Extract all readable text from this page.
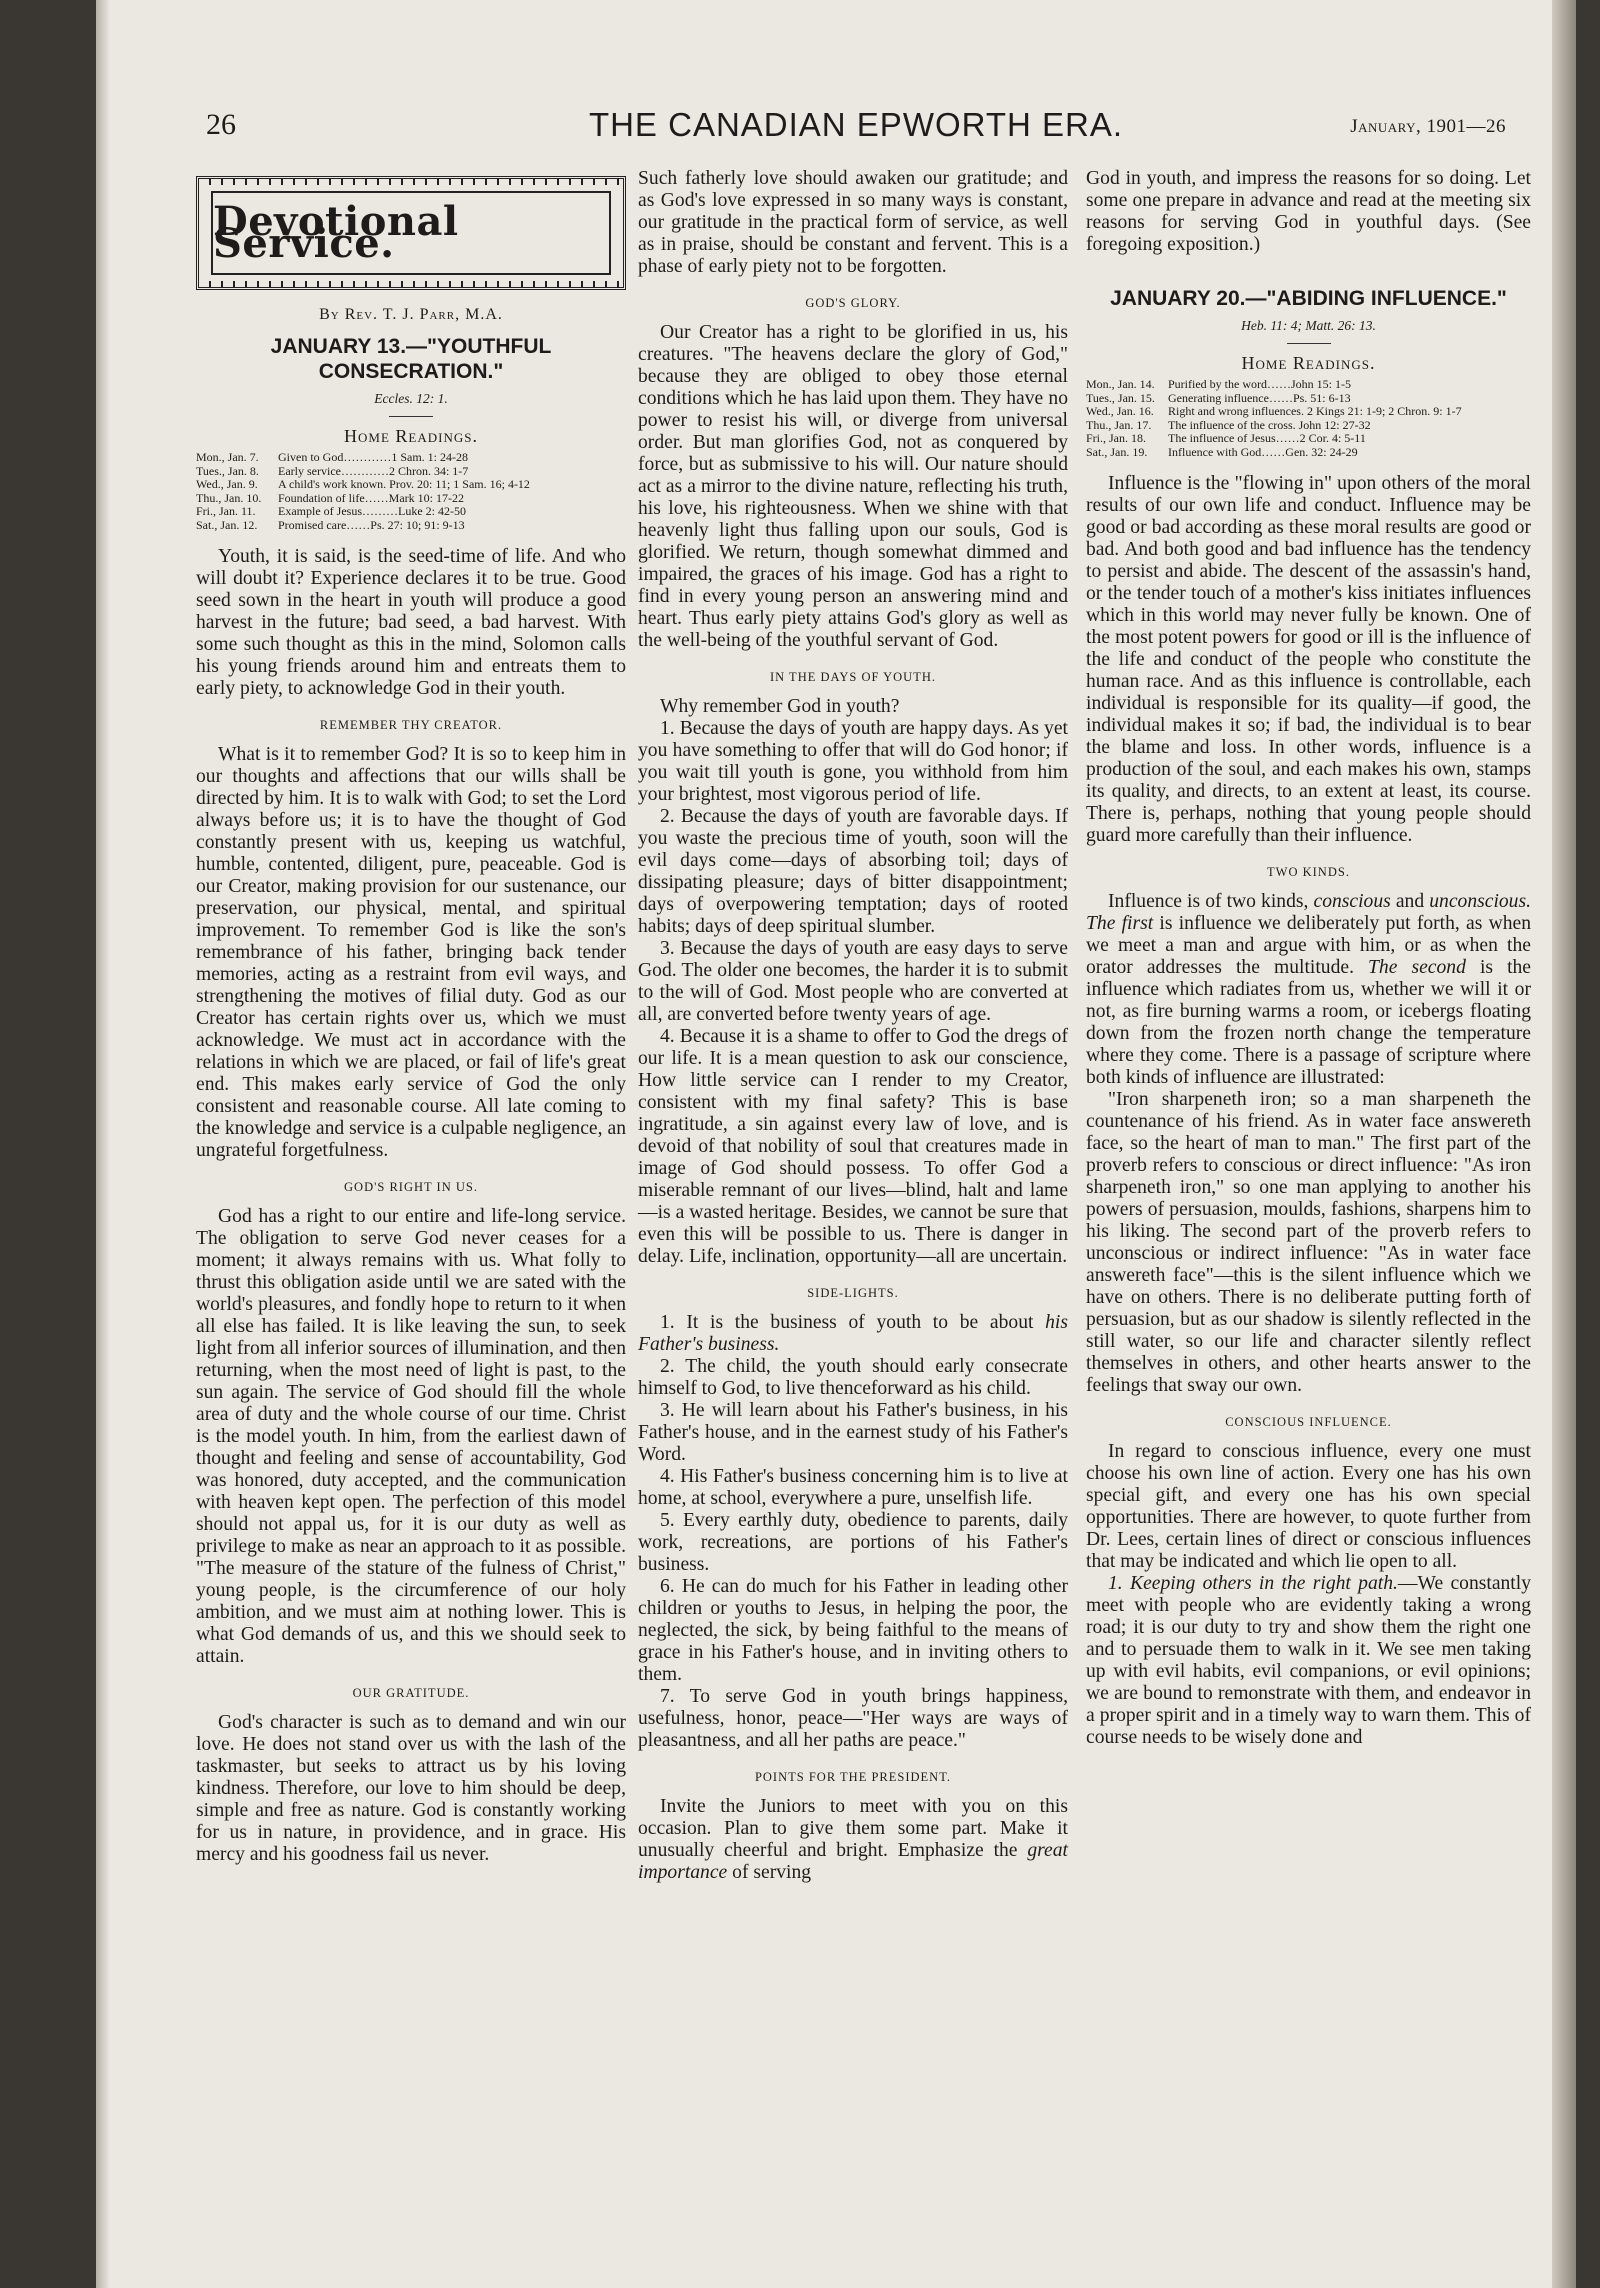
26	THE CANADIAN EPWORTH ERA.	January, 1901—26
Devotional Service.
By Rev. T. J. Parr, M.A.
JANUARY 13.—"YOUTHFUL CONSECRATION."
Eccles. 12: 1.
Home Readings.
Mon., Jan. 7.	Given to God…………1 Sam. 1: 24-28
Tues., Jan. 8.	Early service…………2 Chron. 34: 1-7
Wed., Jan. 9.	A child's work known. Prov. 20: 11; 1 Sam. 16; 4-12
Thu., Jan. 10.	Foundation of life……Mark 10: 17-22
Fri., Jan. 11.	Example of Jesus………Luke 2: 42-50
Sat., Jan. 12.	Promised care……Ps. 27: 10; 91: 9-13

Youth, it is said, is the seed-time of life. And who will doubt it? Experience declares it to be true. Good seed sown in the heart in youth will produce a good harvest in the future; bad seed, a bad harvest. With some such thought as this in the mind, Solomon calls his young friends around him and entreats them to early piety, to acknowledge God in their youth.

REMEMBER THY CREATOR.

What is it to remember God? It is so to keep him in our thoughts and affections that our wills shall be directed by him. It is to walk with God; to set the Lord always before us; it is to have the thought of God constantly present with us, keeping us watchful, humble, contented, diligent, pure, peaceable. God is our Creator, making provision for our sustenance, our preservation, our physical, mental, and spiritual improvement. To remember God is like the son's remembrance of his father, bringing back tender memories, acting as a restraint from evil ways, and strengthening the motives of filial duty. God as our Creator has certain rights over us, which we must acknowledge. We must act in accordance with the relations in which we are placed, or fail of life's great end. This makes early service of God the only consistent and reasonable course. All late coming to the knowledge and service is a culpable negligence, an ungrateful forgetfulness.

GOD'S RIGHT IN US.

God has a right to our entire and life-long service. The obligation to serve God never ceases for a moment; it always remains with us. What folly to thrust this obligation aside until we are sated with the world's pleasures, and fondly hope to return to it when all else has failed. It is like leaving the sun, to seek light from all inferior sources of illumination, and then returning, when the most need of light is past, to the sun again. The service of God should fill the whole area of duty and the whole course of our time. Christ is the model youth. In him, from the earliest dawn of thought and feeling and sense of accountability, God was honored, duty accepted, and the communication with heaven kept open. The perfection of this model should not appal us, for it is our duty as well as privilege to make as near an approach to it as possible. "The measure of the stature of the fulness of Christ," young people, is the circumference of our holy ambition, and we must aim at nothing lower. This is what God demands of us, and this we should seek to attain.

OUR GRATITUDE.

God's character is such as to demand and win our love. He does not stand over us with the lash of the taskmaster, but seeks to attract us by his loving kindness. Therefore, our love to him should be deep, simple and free as nature. God is constantly working for us in nature, in providence, and in grace. His mercy and his goodness fail us never.

Such fatherly love should awaken our gratitude; and as God's love expressed in so many ways is constant, our gratitude in the practical form of service, as well as in praise, should be constant and fervent. This is a phase of early piety not to be forgotten.

GOD'S GLORY.

Our Creator has a right to be glorified in us, his creatures. "The heavens declare the glory of God," because they are obliged to obey those eternal conditions which he has laid upon them. They have no power to resist his will, or diverge from universal order. But man glorifies God, not as conquered by force, but as submissive to his will. Our nature should act as a mirror to the divine nature, reflecting his truth, his love, his righteousness. When we shine with that heavenly light thus falling upon our souls, God is glorified. We return, though somewhat dimmed and impaired, the graces of his image. God has a right to find in every young person an answering mind and heart. Thus early piety attains God's glory as well as the well-being of the youthful servant of God.

IN THE DAYS OF YOUTH.

Why remember God in youth?

1. Because the days of youth are happy days. As yet you have something to offer that will do God honor; if you wait till youth is gone, you withhold from him your brightest, most vigorous period of life.

2. Because the days of youth are favorable days. If you waste the precious time of youth, soon will the evil days come—days of absorbing toil; days of dissipating pleasure; days of bitter disappointment; days of overpowering temptation; days of rooted habits; days of deep spiritual slumber.

3. Because the days of youth are easy days to serve God. The older one becomes, the harder it is to submit to the will of God. Most people who are converted at all, are converted before twenty years of age.

4. Because it is a shame to offer to God the dregs of our life. It is a mean question to ask our conscience, How little service can I render to my Creator, consistent with my final safety? This is base ingratitude, a sin against every law of love, and is devoid of that nobility of soul that creatures made in image of God should possess. To offer God a miserable remnant of our lives—blind, halt and lame—is a wasted heritage. Besides, we cannot be sure that even this will be possible to us. There is danger in delay. Life, inclination, opportunity—all are uncertain.

SIDE-LIGHTS.

1. It is the business of youth to be about his Father's business.

2. The child, the youth should early consecrate himself to God, to live thenceforward as his child.

3. He will learn about his Father's business, in his Father's house, and in the earnest study of his Father's Word.

4. His Father's business concerning him is to live at home, at school, everywhere a pure, unselfish life.

5. Every earthly duty, obedience to parents, daily work, recreations, are portions of his Father's business.

6. He can do much for his Father in leading other children or youths to Jesus, in helping the poor, the neglected, the sick, by being faithful to the means of grace in his Father's house, and in inviting others to them.

7. To serve God in youth brings happiness, usefulness, honor, peace—"Her ways are ways of pleasantness, and all her paths are peace."

POINTS FOR THE PRESIDENT.

Invite the Juniors to meet with you on this occasion. Plan to give them some part. Make it unusually cheerful and bright. Emphasize the great importance of serving

God in youth, and impress the reasons for so doing. Let some one prepare in advance and read at the meeting six reasons for serving God in youthful days. (See foregoing exposition.)

JANUARY 20.—"ABIDING INFLUENCE."
Heb. 11: 4; Matt. 26: 13.
Home Readings.
Mon., Jan. 14.	Purified by the word……John 15: 1-5
Tues., Jan. 15.	Generating influence……Ps. 51: 6-13
Wed., Jan. 16.	Right and wrong influences. 2 Kings 21: 1-9; 2 Chron. 9: 1-7
Thu., Jan. 17.	The influence of the cross. John 12: 27-32
Fri., Jan. 18.	The influence of Jesus……2 Cor. 4: 5-11
Sat., Jan. 19.	Influence with God……Gen. 32: 24-29

Influence is the "flowing in" upon others of the moral results of our own life and conduct. Influence may be good or bad according as these moral results are good or bad. And both good and bad influence has the tendency to persist and abide. The descent of the assassin's hand, or the tender touch of a mother's kiss initiates influences which in this world may never fully be known. One of the most potent powers for good or ill is the influence of the life and conduct of the people who constitute the human race. And as this influence is controllable, each individual is responsible for its quality—if good, the individual makes it so; if bad, the individual is to bear the blame and loss. In other words, influence is a production of the soul, and each makes his own, stamps its quality, and directs, to an extent at least, its course. There is, perhaps, nothing that young people should guard more carefully than their influence.

TWO KINDS.

Influence is of two kinds, conscious and unconscious. The first is influence we deliberately put forth, as when we meet a man and argue with him, or as when the orator addresses the multitude. The second is the influence which radiates from us, whether we will it or not, as fire burning warms a room, or icebergs floating down from the frozen north change the temperature where they come. There is a passage of scripture where both kinds of influence are illustrated:

"Iron sharpeneth iron; so a man sharpeneth the countenance of his friend. As in water face answereth face, so the heart of man to man." The first part of the proverb refers to conscious or direct influence: "As iron sharpeneth iron," so one man applying to another his powers of persuasion, moulds, fashions, sharpens him to his liking. The second part of the proverb refers to unconscious or indirect influence: "As in water face answereth face"—this is the silent influence which we have on others. There is no deliberate putting forth of persuasion, but as our shadow is silently reflected in the still water, so our life and character silently reflect themselves in others, and other hearts answer to the feelings that sway our own.

CONSCIOUS INFLUENCE.

In regard to conscious influence, every one must choose his own line of action. Every one has his own special gift, and every one has his own special opportunities. There are however, to quote further from Dr. Lees, certain lines of direct or conscious influences that may be indicated and which lie open to all.

1. Keeping others in the right path.—We constantly meet with people who are evidently taking a wrong road; it is our duty to try and show them the right one and to persuade them to walk in it. We see men taking up with evil habits, evil companions, or evil opinions; we are bound to remonstrate with them, and endeavor in a proper spirit and in a timely way to warn them. This of course needs to be wisely done and
